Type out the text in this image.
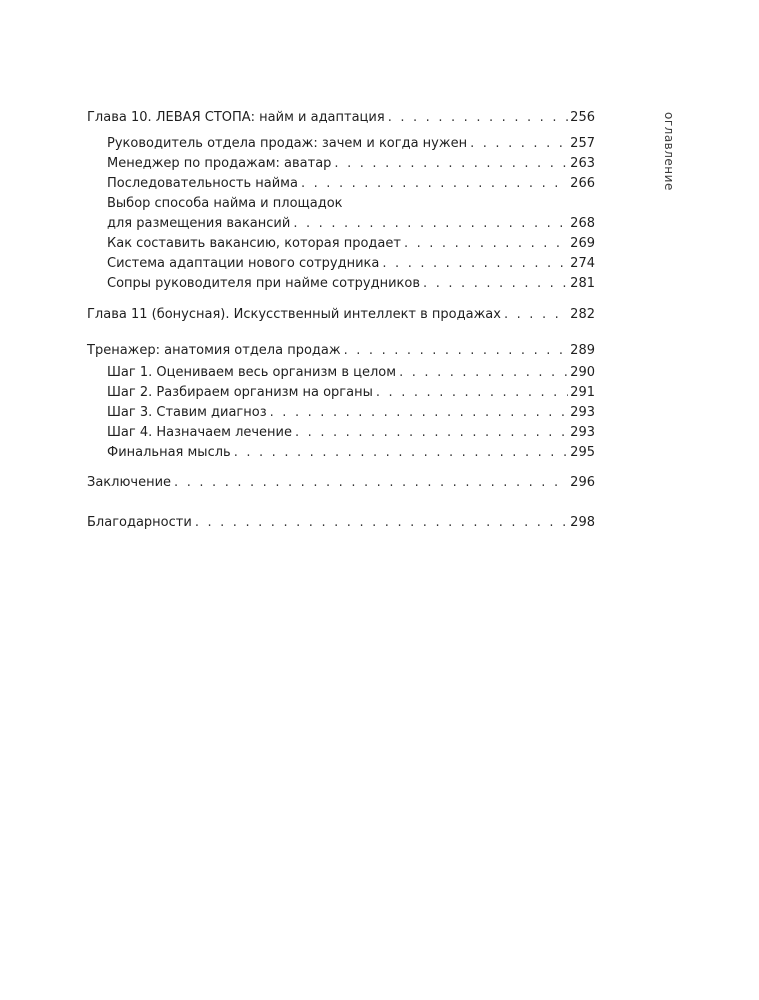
оглавление
Глава 10. ЛЕВАЯ СТОПА: найм и адаптация . . .	256
Руководитель отдела продаж: зачем и когда нужен . . .	257
Менеджер по продажам: аватар . . .	263
Последовательность найма . . .	266
Выбор способа найма и площадок
для размещения вакансий . . .	268
Как составить вакансию, которая продает . . .	269
Система адаптации нового сотрудника . . .	274
Сопры руководителя при найме сотрудников . . .	281
Глава 11 (бонусная). Искусственный интеллект в продажах . . .	282
Тренажер: анатомия отдела продаж . . .	289
Шаг 1. Оцениваем весь организм в целом . . .	290
Шаг 2. Разбираем организм на органы . . .	291
Шаг 3. Ставим диагноз . . .	293
Шаг 4. Назначаем лечение . . .	293
Финальная мысль . . .	295
Заключение . . .	296
Благодарности . . .	298
